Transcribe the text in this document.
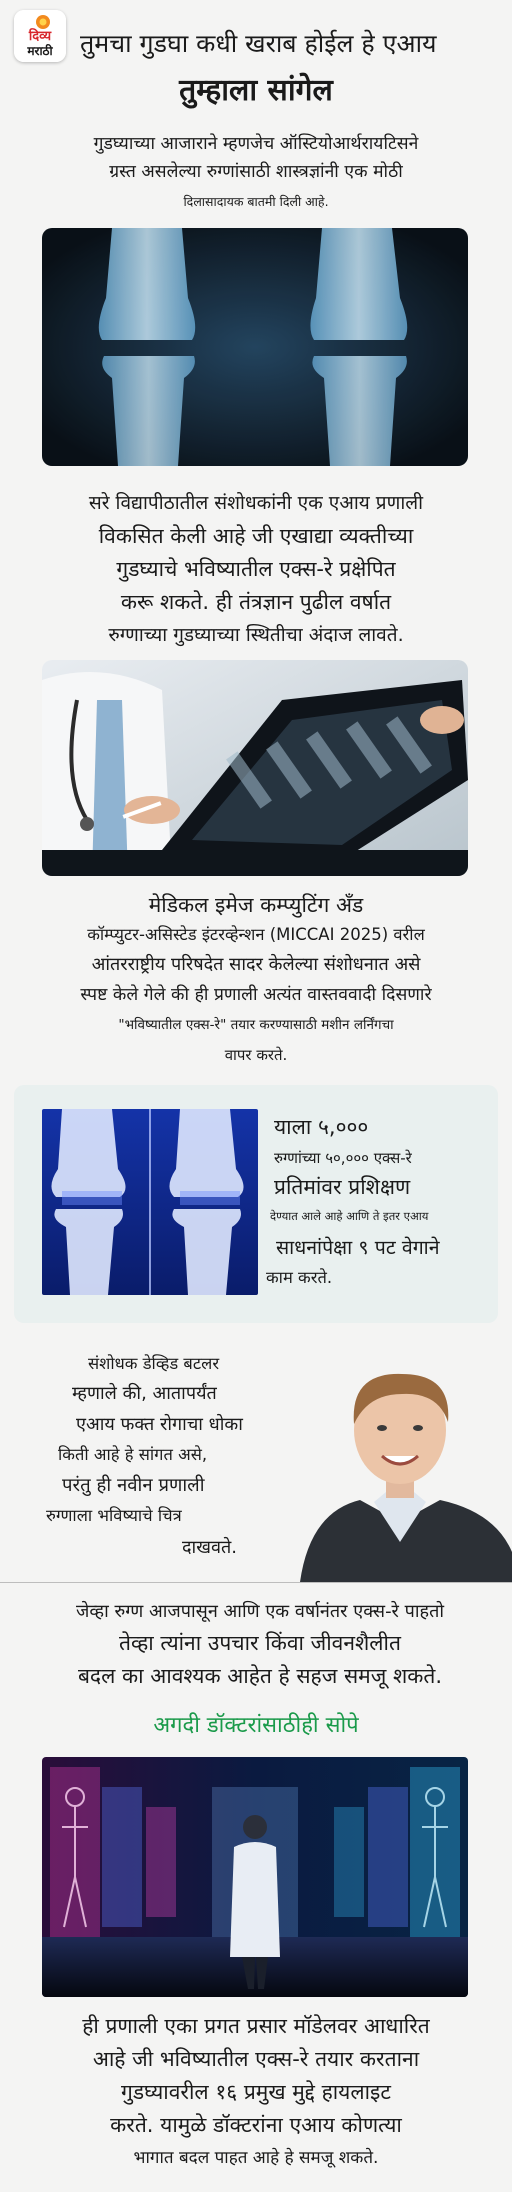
दिव्य
मराठी तुमचा गुडघा कधी खराब होईल हे एआय
तुम्हाला सांगेल
गुडघ्याच्या आजाराने म्हणजेच ऑस्टियोआर्थरायटिसने
ग्रस्त असलेल्या रुग्णांसाठी शास्त्रज्ञांनी एक मोठी
दिलासादायक बातमी दिली आहे.
सरे विद्यापीठातील संशोधकांनी एक एआय प्रणाली
विकसित केली आहे जी एखाद्या व्यक्तीच्या
गुडघ्याचे भविष्यातील एक्स-रे प्रक्षेपित
करू शकते. ही तंत्रज्ञान पुढील वर्षात
रुग्णाच्या गुडघ्याच्या स्थितीचा अंदाज लावते.
मेडिकल इमेज कम्प्युटिंग अँड
कॉम्प्युटर-असिस्टेड इंटरव्हेन्शन (MICCAI 2025) वरील
आंतरराष्ट्रीय परिषदेत सादर केलेल्या संशोधनात असे
स्पष्ट केले गेले की ही प्रणाली अत्यंत वास्तववादी दिसणारे
"भविष्यातील एक्स-रे" तयार करण्यासाठी मशीन लर्निंगचा
वापर करते.
याला ५,०००
रुग्णांच्या ५०,००० एक्स-रे
प्रतिमांवर प्रशिक्षण
देण्यात आले आहे आणि ते इतर एआय
साधनांपेक्षा ९ पट वेगाने
काम करते.
संशोधक डेव्हिड बटलर
म्हणाले की, आतापर्यंत
एआय फक्त रोगाचा धोका
किती आहे हे सांगत असे,
परंतु ही नवीन प्रणाली
रुग्णाला भविष्याचे चित्र
दाखवते.
जेव्हा रुग्ण आजपासून आणि एक वर्षानंतर एक्स-रे पाहतो
तेव्हा त्यांना उपचार किंवा जीवनशैलीत
बदल का आवश्यक आहेत हे सहज समजू शकते.
अगदी डॉक्टरांसाठीही सोपे
ही प्रणाली एका प्रगत प्रसार मॉडेलवर आधारित
आहे जी भविष्यातील एक्स-रे तयार करताना
गुडघ्यावरील १६ प्रमुख मुद्दे हायलाइट
करते. यामुळे डॉक्टरांना एआय कोणत्या
भागात बदल पाहत आहे हे समजू शकते.
